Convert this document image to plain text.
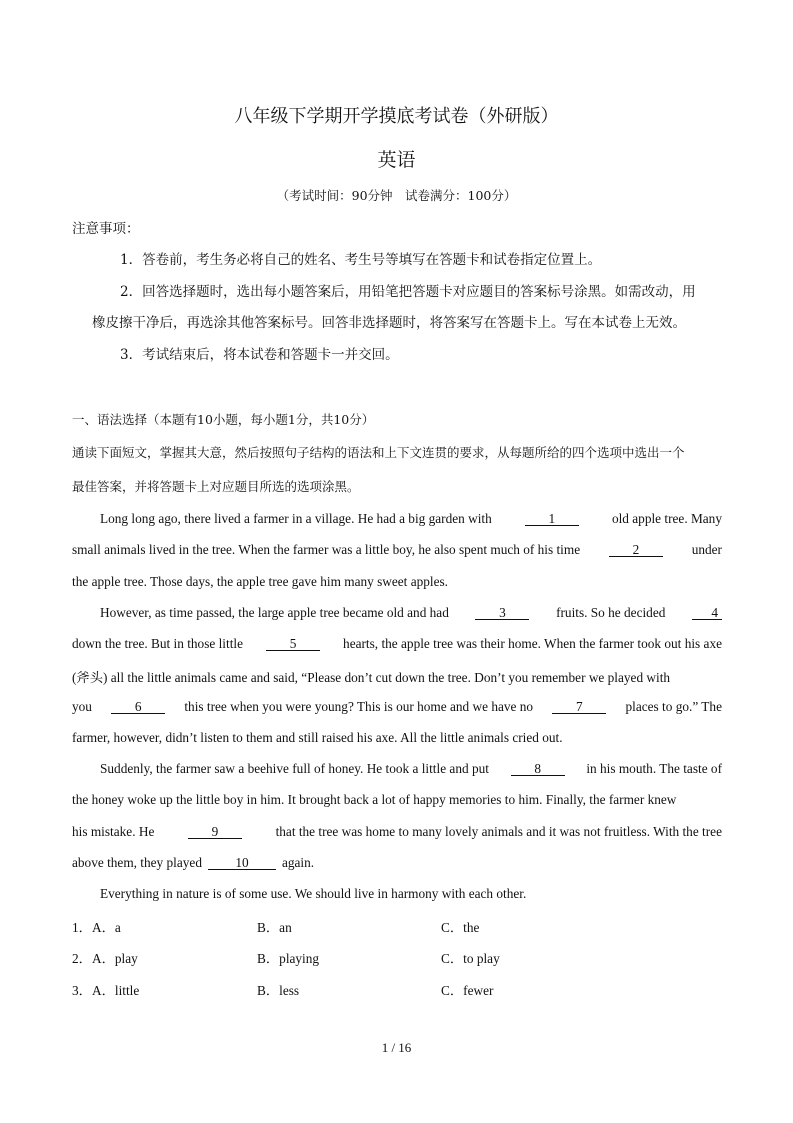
八年级下学期开学摸底考试卷（外研版）
英语
（考试时间：90分钟　试卷满分：100分）
注意事项：
1．答卷前，考生务必将自己的姓名、考生号等填写在答题卡和试卷指定位置上。
2．回答选择题时，选出每小题答案后，用铅笔把答题卡对应题目的答案标号涂黑。如需改动，用
橡皮擦干净后，再选涂其他答案标号。回答非选择题时，将答案写在答题卡上。写在本试卷上无效。
3．考试结束后，将本试卷和答题卡一并交回。
一、语法选择（本题有10小题，每小题1分，共10分）
通读下面短文，掌握其大意，然后按照句子结构的语法和上下文连贯的要求，从每题所给的四个选项中选出一个
最佳答案，并将答题卡上对应题目所选的选项涂黑。
Long long ago, there lived a farmer in a village. He had a big garden with	1	old apple tree. Many
small animals lived in the tree. When the farmer was a little boy, he also spent much of his time	2	under
the apple tree. Those days, the apple tree gave him many sweet apples.
However, as time passed, the large apple tree became old and had	3	fruits. So he decided	4
down the tree. But in those little	5	hearts, the apple tree was their home. When the farmer took out his axe
(斧头) all the little animals came and said, “Please don’t cut down the tree. Don’t you remember we played with
you	6	this tree when you were young? This is our home and we have no	7	places to go.” The
farmer, however, didn’t listen to them and still raised his axe. All the little animals cried out.
Suddenly, the farmer saw a beehive full of honey. He took a little and put	8	in his mouth. The taste of
the honey woke up the little boy in him. It brought back a lot of happy memories to him. Finally, the farmer knew
his mistake. He	9	that the tree was home to many lovely animals and it was not fruitless. With the tree
above them, they played	10	again.
Everything in nature is of some use. We should live in harmony with each other.
1． A．a	B．an	C．the
2． A．play	B．playing	C．to play
3． A．little	B．less	C．fewer
1 / 16
